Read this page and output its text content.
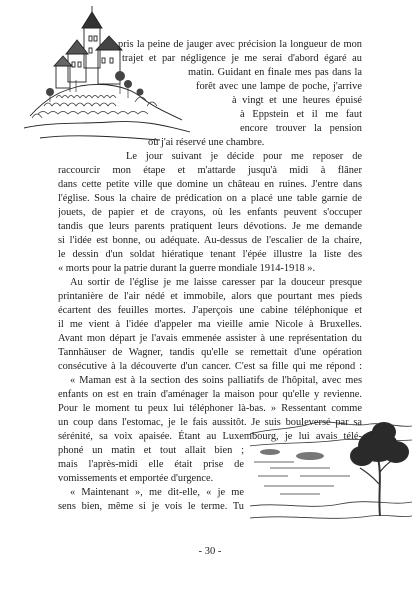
pris la peine de jauger avec précision la longueur de mon
trajet et par négligence je me serai d'abord égaré au
matin. Guidant en finale mes pas dans la
forêt avec une lampe de poche, j'arrive
à vingt et une heures épuisé
à Eppstein et il me faut
encore trouver la pension
où j'ai réservé une chambre.
Le jour suivant je décide pour me reposer de
raccourcir mon étape et m'attarde jusqu'à midi à flâner
dans cette petite ville que domine un château en ruines. J'entre dans
l'église. Sous la chaire de prédication on a placé une table garnie de
jouets, de papier et de crayons, où les enfants peuvent s'occuper
tandis que leurs parents pratiquent leurs dévotions. Je me demande
si l'idée est bonne, ou adéquate. Au-dessus de l'escalier de la chaire,
le dessin d'un soldat hiératique tenant l'épée illustre la liste des
« morts pour la patrie durant la guerre mondiale 1914-1918 ».
Au sortir de l'église je me laisse caresser par la douceur presque
printanière de l'air nédé et immobile, alors que pourtant mes pieds
écartent des feuilles mortes. J'aperçois une cabine téléphonique et
il me vient à l'idée d'appeler ma vieille amie Nicole à Bruxelles.
Avant mon départ je l'avais emmenée assister à une représentation du
Tannhäuser de Wagner, tandis qu'elle se remettait d'une opération
consécutive à la découverte d'un cancer. C'est sa fille qui me répond :
« Maman est à la section des soins palliatifs de l'hôpital, avec mes
enfants on est en train d'aménager la maison pour qu'elle y revienne.
Pour le moment tu peux lui téléphoner là-bas. » Ressentant comme
un coup dans l'estomac, je le fais aussitôt. Je suis bouleversé par sa
sérénité, sa voix apaisée. Étant au Luxembourg, je lui avais télé-
phoné un matin et tout allait bien ;
mais l'après-midi elle était prise de
vomissements et emportée d'urgence.
« Maintenant », me dit-elle, « je me
sens bien, même si je vois le terme. Tu
- 30 -
